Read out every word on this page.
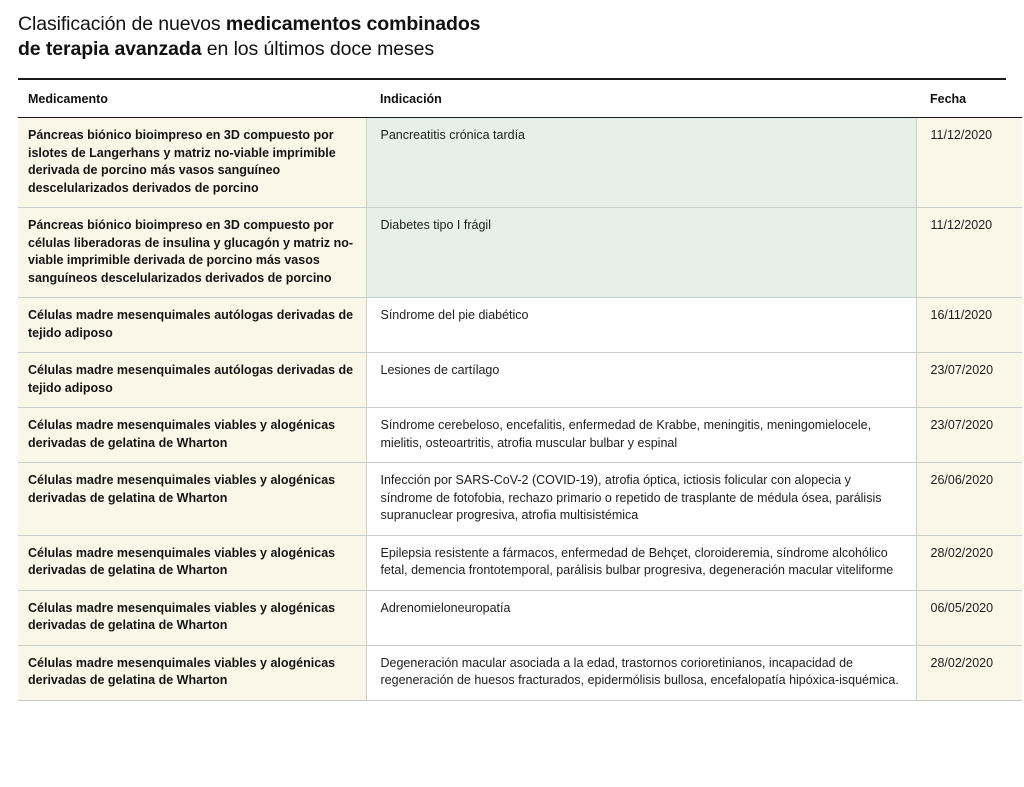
Clasificación de nuevos medicamentos combinados
de terapia avanzada en los últimos doce meses
Medicamento	Indicación	Fecha
Páncreas biónico bioimpreso en 3D compuesto por islotes de Langerhans y matriz no-viable imprimible derivada de porcino más vasos sanguíneo descelularizados derivados de porcino	Pancreatitis crónica tardía	11/12/2020
Páncreas biónico bioimpreso en 3D compuesto por células liberadoras de insulina y glucagón y matriz no-viable imprimible derivada de porcino más vasos sanguíneos descelularizados derivados de porcino	Diabetes tipo I frágil	11/12/2020
Células madre mesenquimales autólogas derivadas de tejido adiposo	Síndrome del pie diabético	16/11/2020
Células madre mesenquimales autólogas derivadas de tejido adiposo	Lesiones de cartílago	23/07/2020
Células madre mesenquimales viables y alogénicas derivadas de gelatina de Wharton	Síndrome cerebeloso, encefalitis, enfermedad de Krabbe, meningitis, meningomielocele, mielitis, osteoartritis, atrofia muscular bulbar y espinal	23/07/2020
Células madre mesenquimales viables y alogénicas derivadas de gelatina de Wharton	Infección por SARS-CoV-2 (COVID-19), atrofia óptica, ictiosis folicular con alopecia y síndrome de fotofobia, rechazo primario o repetido de trasplante de médula ósea, parálisis supranuclear progresiva, atrofia multisistémica	26/06/2020
Células madre mesenquimales viables y alogénicas derivadas de gelatina de Wharton	Epilepsia resistente a fármacos, enfermedad de Behçet, cloroideremia, síndrome alcohólico fetal, demencia frontotemporal, parálisis bulbar progresiva, degeneración macular viteliforme	28/02/2020
Células madre mesenquimales viables y alogénicas derivadas de gelatina de Wharton	Adrenomieloneuropatía	06/05/2020
Células madre mesenquimales viables y alogénicas derivadas de gelatina de Wharton	Degeneración macular asociada a la edad, trastornos corioretinianos, incapacidad de regeneración de huesos fracturados, epidermólisis bullosa, encefalopatía hipóxica-isquémica.	28/02/2020
